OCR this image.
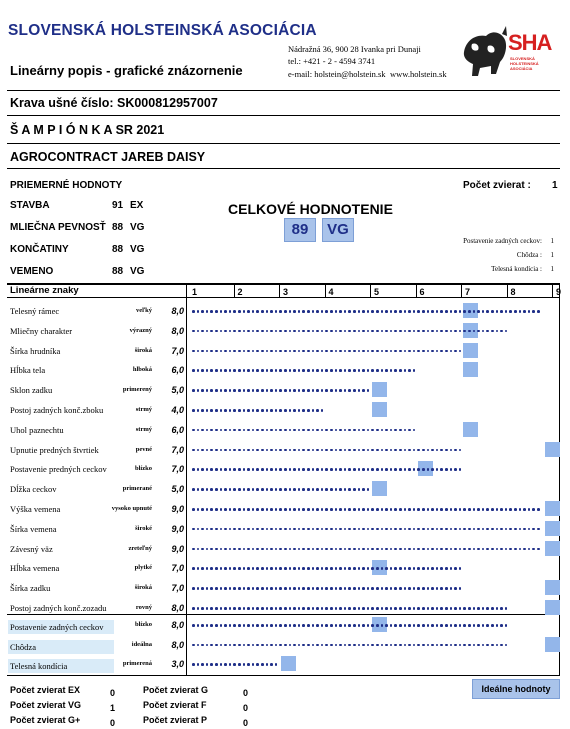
SLOVENSKÁ HOLSTEINSKÁ ASOCIÁCIA
Lineárny popis - grafické znázornenie
Nádražná 36, 900 28 Ivanka pri Dunaji
tel.: +421 - 2 - 4594 3741
e-mail: holstein@holstein.sk www.holstein.sk
SHA
SLOVENSKÁ HOLSTEINSKÁ ASOCIÁCIA
Krava ušné číslo: SK000812957007
Š A M P I Ó N K A SR 2021
AGROCONTRACT JAREB DAISY
PRIEMERNÉ HODNOTY	Počet zvierat : 1
STAVBA	91 EX
MLIEČNA PEVNOSŤ 88 VG
KONČATINY	88 VG
VEMENO	88 VG
CELKOVÉ HODNOTENIE
89	VG
Postavenie zadných ceckov:	1
Chôdza :	1
Telesná kondícia :	1
Lineárne znaky	1	2	3	4	5	6	7	8	9
Telesný rámec	veľký	8,0
Mliečny charakter	výrazný	8,0
Šírka hrudníka	široká	7,0
Hĺbka tela	hlboká	6,0
Sklon zadku	primerený	5,0
Postoj zadných konč.zboku	strmý	4,0
Uhol paznechtu	strmý	6,0
Upnutie predných štvrtiek	pevné	7,0
Postavenie predných ceckov	blízko	7,0
Dĺžka ceckov	primerané	5,0
Výška vemena	vysoko upnuté	9,0
Šírka vemena	široké	9,0
Závesný väz	zreteľný	9,0
Hĺbka vemena	plytké	7,0
Šírka zadku	široká	7,0
Postoj zadných konč.zozadu	rovný	8,0
Postavenie zadných ceckov	blízko	8,0
Chôdza	ideálna	8,0
Telesná kondícia	primerená	3,0
Počet zvierat EX	0
Počet zvierat VG	1
Počet zvierat G+	0
Počet zvierat G	0
Počet zvierat F	0
Počet zvierat P	0
Ideálne hodnoty
